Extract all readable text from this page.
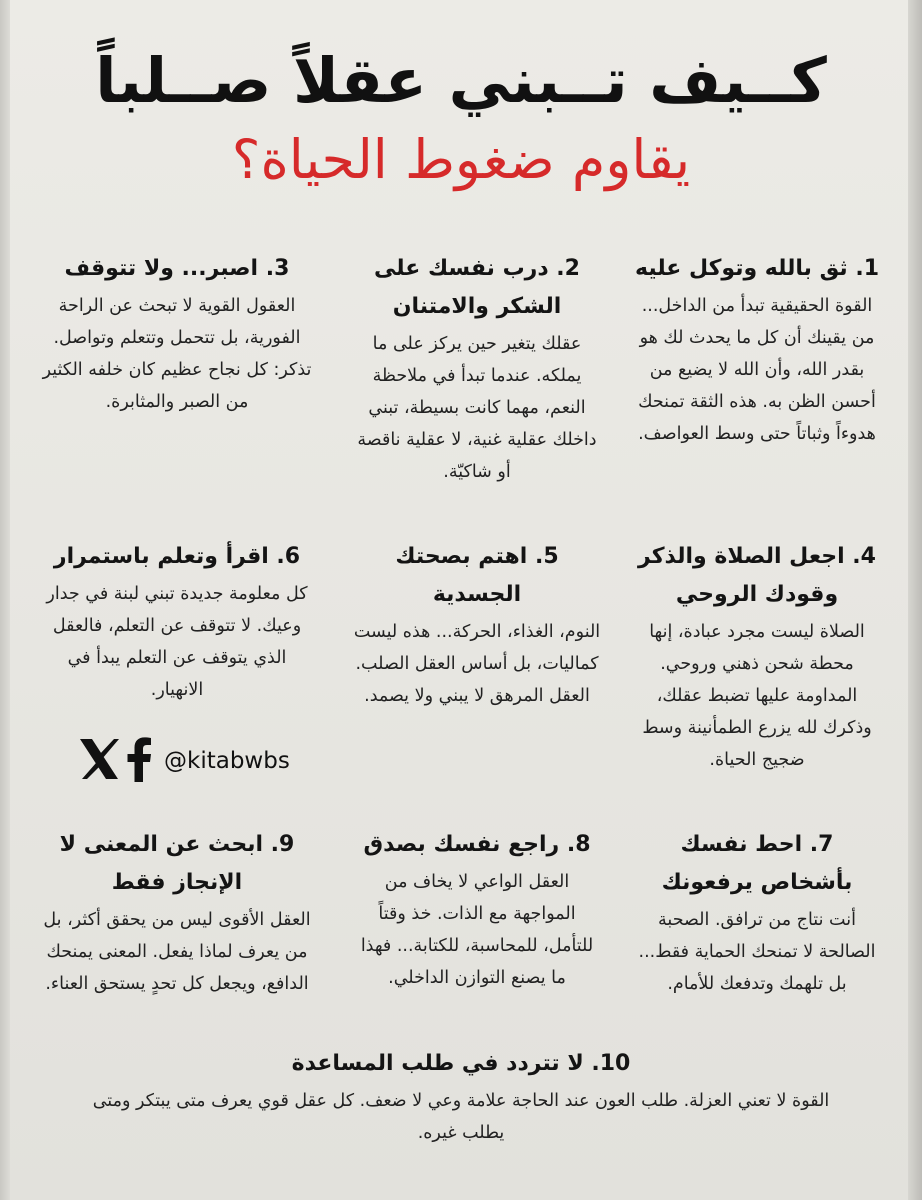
كــيف تــبني عقلاً صــلباً
يقاوم ضغوط الحياة؟
1. ثق بالله وتوكل عليه

القوة الحقيقية تبدأ من الداخل... من يقينك أن كل ما يحدث لك هو بقدر الله، وأن الله لا يضيع من أحسن الظن به. هذه الثقة تمنحك هدوءاً وثباتاً حتى وسط العواصف.

2. درب نفسك على الشكر والامتنان

عقلك يتغير حين يركز على ما يملكه. عندما تبدأ في ملاحظة النعم، مهما كانت بسيطة، تبني داخلك عقلية غنية، لا عقلية ناقصة أو شاكيّة.

3. اصبر... ولا تتوقف

العقول القوية لا تبحث عن الراحة الفورية، بل تتحمل وتتعلم وتواصل. تذكر: كل نجاح عظيم كان خلفه الكثير من الصبر والمثابرة.

4. اجعل الصلاة والذكر وقودك الروحي

الصلاة ليست مجرد عبادة، إنها محطة شحن ذهني وروحي. المداومة عليها تضبط عقلك، وذكرك لله يزرع الطمأنينة وسط ضجيج الحياة.

5. اهتم بصحتك الجسدية

النوم، الغذاء، الحركة... هذه ليست كماليات، بل أساس العقل الصلب. العقل المرهق لا يبني ولا يصمد.

6. اقرأ وتعلم باستمرار

كل معلومة جديدة تبني لبنة في جدار وعيك. لا تتوقف عن التعلم، فالعقل الذي يتوقف عن التعلم يبدأ في الانهيار.

@kitabwbs
7. احط نفسك بأشخاص يرفعونك

أنت نتاج من ترافق. الصحبة الصالحة لا تمنحك الحماية فقط... بل تلهمك وتدفعك للأمام.

8. راجع نفسك بصدق

العقل الواعي لا يخاف من المواجهة مع الذات. خذ وقتاً للتأمل، للمحاسبة، للكتابة... فهذا ما يصنع التوازن الداخلي.

9. ابحث عن المعنى لا الإنجاز فقط

العقل الأقوى ليس من يحقق أكثر، بل من يعرف لماذا يفعل. المعنى يمنحك الدافع، ويجعل كل تحدٍ يستحق العناء.

10. لا تتردد في طلب المساعدة

القوة لا تعني العزلة. طلب العون عند الحاجة علامة وعي لا ضعف. كل عقل قوي يعرف متى يبتكر ومتى يطلب غيره.
